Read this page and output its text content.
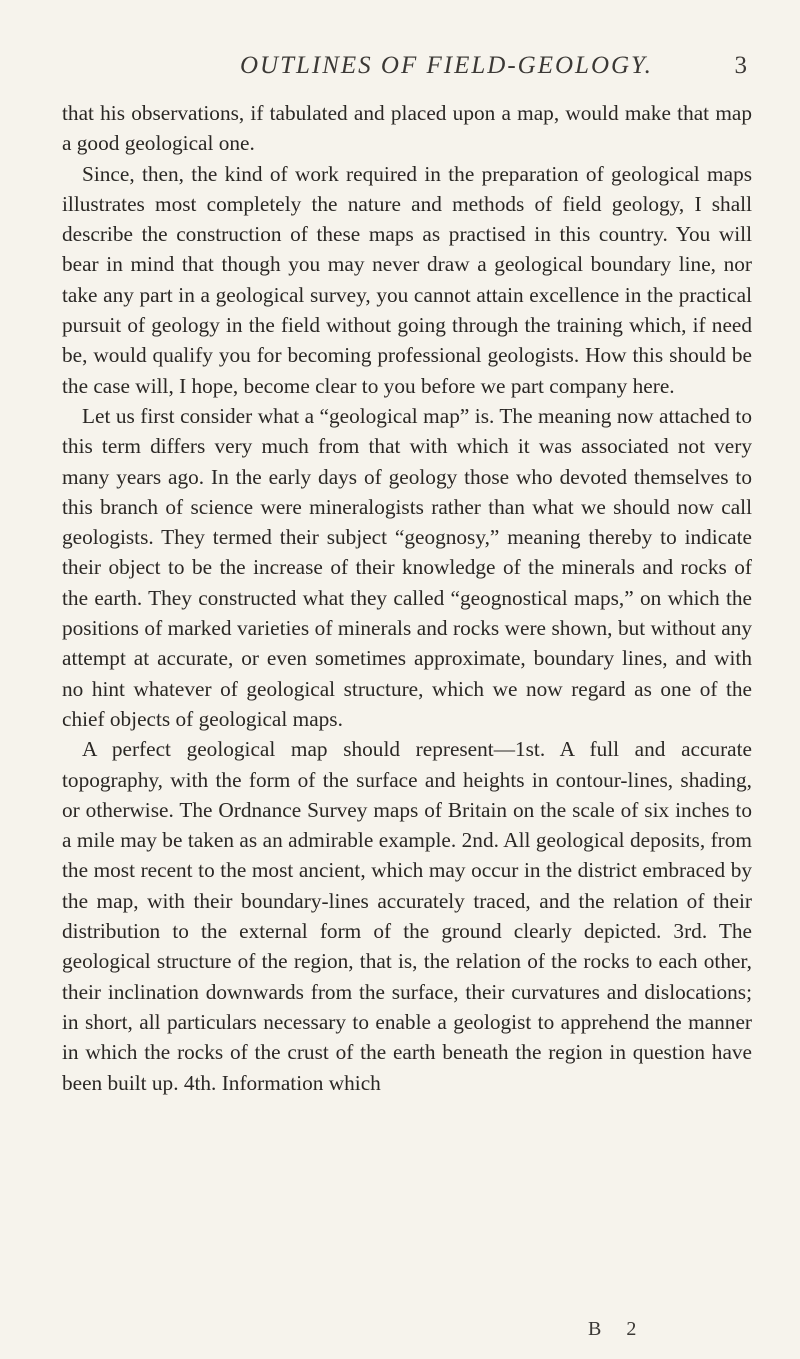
OUTLINES OF FIELD-GEOLOGY.	3

that his observations, if tabulated and placed upon a map, would make that map a good geological one.

Since, then, the kind of work required in the preparation of geological maps illustrates most completely the nature and methods of field geology, I shall describe the construction of these maps as practised in this country. You will bear in mind that though you may never draw a geological boundary line, nor take any part in a geological survey, you cannot attain excellence in the practical pursuit of geology in the field without going through the training which, if need be, would qualify you for becoming professional geologists. How this should be the case will, I hope, become clear to you before we part company here.

Let us first consider what a “geological map” is. The meaning now attached to this term differs very much from that with which it was associated not very many years ago. In the early days of geology those who devoted themselves to this branch of science were mineralogists rather than what we should now call geologists. They termed their subject “geognosy,” meaning thereby to indicate their object to be the increase of their knowledge of the minerals and rocks of the earth. They constructed what they called “geognostical maps,” on which the positions of marked varieties of minerals and rocks were shown, but without any attempt at accurate, or even sometimes approximate, boundary lines, and with no hint whatever of geological structure, which we now regard as one of the chief objects of geological maps.

A perfect geological map should represent—1st. A full and accurate topography, with the form of the surface and heights in contour-lines, shading, or otherwise. The Ordnance Survey maps of Britain on the scale of six inches to a mile may be taken as an admirable example. 2nd. All geological deposits, from the most recent to the most ancient, which may occur in the district embraced by the map, with their boundary-lines accurately traced, and the relation of their distribution to the external form of the ground clearly depicted. 3rd. The geological structure of the region, that is, the relation of the rocks to each other, their inclination downwards from the surface, their curvatures and dislocations; in short, all particulars necessary to enable a geologist to apprehend the manner in which the rocks of the crust of the earth beneath the region in question have been built up. 4th. Information which

B 2
